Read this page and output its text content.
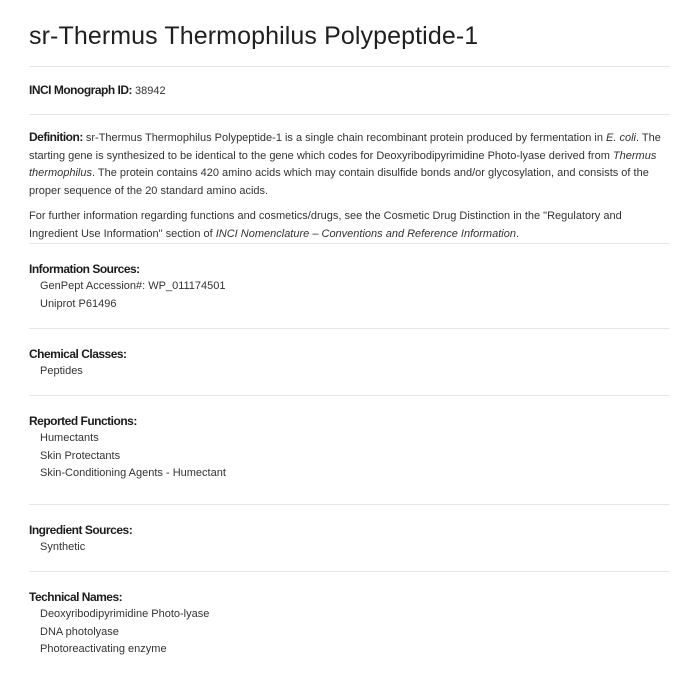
sr-Thermus Thermophilus Polypeptide-1
INCI Monograph ID: 38942

Definition: sr-Thermus Thermophilus Polypeptide-1 is a single chain recombinant protein produced by fermentation in E. coli. The starting gene is synthesized to be identical to the gene which codes for Deoxyribodipyrimidine Photo-lyase derived from Thermus thermophilus. The protein contains 420 amino acids which may contain disulfide bonds and/or glycosylation, and consists of the proper sequence of the 20 standard amino acids.

For further information regarding functions and cosmetics/drugs, see the Cosmetic Drug Distinction in the "Regulatory and Ingredient Use Information" section of INCI Nomenclature – Conventions and Reference Information.

Information Sources:
GenPept Accession#: WP_011174501
Uniprot P61496
Chemical Classes:
Peptides
Reported Functions:
Humectants
Skin Protectants
Skin-Conditioning Agents - Humectant
Ingredient Sources:
Synthetic
Technical Names:
Deoxyribodipyrimidine Photo-lyase
DNA photolyase
Photoreactivating enzyme
